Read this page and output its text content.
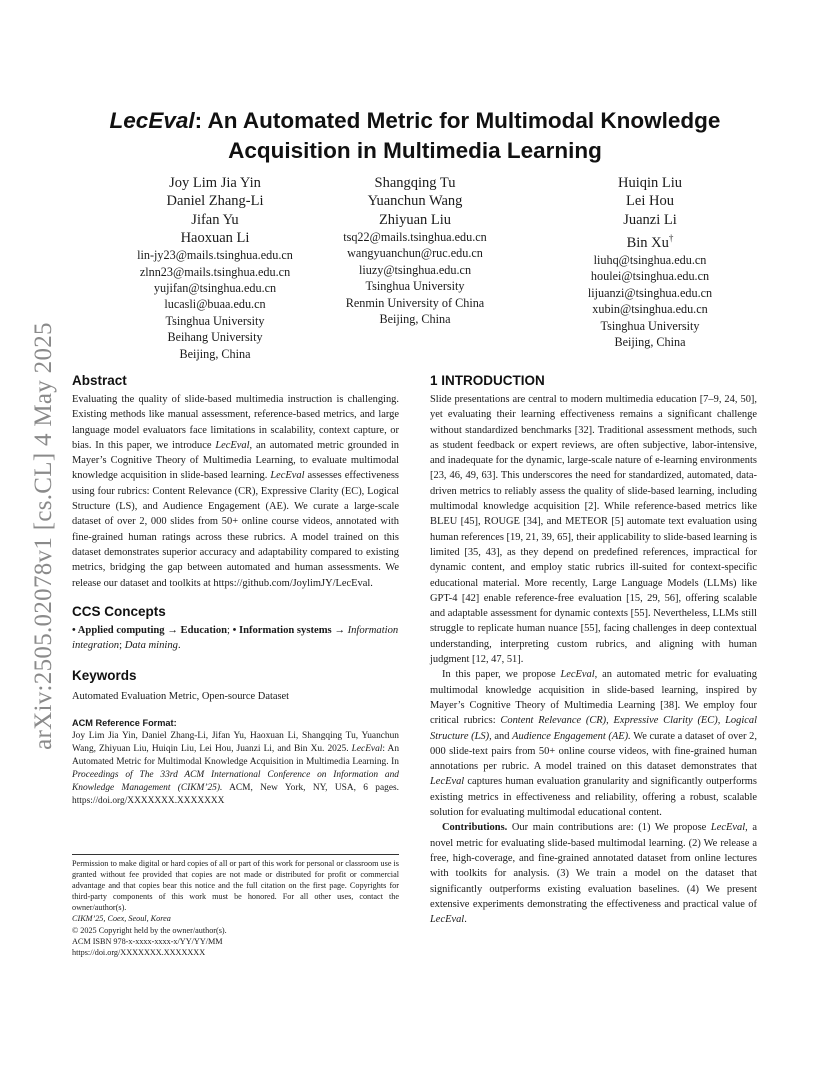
arXiv:2505.02078v1 [cs.CL] 4 May 2025
LecEval: An Automated Metric for Multimodal Knowledge Acquisition in Multimedia Learning
Joy Lim Jia Yin
Daniel Zhang-Li
Jifan Yu
Haoxuan Li
lin-jy23@mails.tsinghua.edu.cn
zlnn23@mails.tsinghua.edu.cn
yujifan@tsinghua.edu.cn
lucasli@buaa.edu.cn
Tsinghua University
Beihang University
Beijing, China
Shangqing Tu
Yuanchun Wang
Zhiyuan Liu
tsq22@mails.tsinghua.edu.cn
wangyuanchun@ruc.edu.cn
liuzy@tsinghua.edu.cn
Tsinghua University
Renmin University of China
Beijing, China
Huiqin Liu
Lei Hou
Juanzi Li
Bin Xu†
liuhq@tsinghua.edu.cn
houlei@tsinghua.edu.cn
lijuanzi@tsinghua.edu.cn
xubin@tsinghua.edu.cn
Tsinghua University
Beijing, China
Abstract

Evaluating the quality of slide-based multimedia instruction is challenging. Existing methods like manual assessment, reference-based metrics, and large language model evaluators face limitations in scalability, context capture, or bias. In this paper, we introduce LecEval, an automated metric grounded in Mayer’s Cognitive Theory of Multimedia Learning, to evaluate multimodal knowledge acquisition in slide-based learning. LecEval assesses effectiveness using four rubrics: Content Relevance (CR), Expressive Clarity (EC), Logical Structure (LS), and Audience Engagement (AE). We curate a large-scale dataset of over 2, 000 slides from 50+ online course videos, annotated with fine-grained human ratings across these rubrics. A model trained on this dataset demonstrates superior accuracy and adaptability compared to existing metrics, bridging the gap between automated and human assessments. We release our dataset and toolkits at https://github.com/JoylimJY/LecEval.

CCS Concepts

• Applied computing → Education; • Information systems → Information integration; Data mining.

Keywords

Automated Evaluation Metric, Open-source Dataset

ACM Reference Format:

Joy Lim Jia Yin, Daniel Zhang-Li, Jifan Yu, Haoxuan Li, Shangqing Tu, Yuanchun Wang, Zhiyuan Liu, Huiqin Liu, Lei Hou, Juanzi Li, and Bin Xu. 2025. LecEval: An Automated Metric for Multimodal Knowledge Acquisition in Multimedia Learning. In Proceedings of The 33rd ACM International Conference on Information and Knowledge Management (CIKM’25). ACM, New York, NY, USA, 6 pages. https://doi.org/XXXXXXX.XXXXXXX

Permission to make digital or hard copies of all or part of this work for personal or classroom use is granted without fee provided that copies are not made or distributed for profit or commercial advantage and that copies bear this notice and the full citation on the first page. Copyrights for third-party components of this work must be honored. For all other uses, contact the owner/author(s).

CIKM’25, Coex, Seoul, Korea

© 2025 Copyright held by the owner/author(s).

ACM ISBN 978-x-xxxx-xxxx-x/YY/YY/MM

https://doi.org/XXXXXXX.XXXXXXX

1 INTRODUCTION

Slide presentations are central to modern multimedia education [7–9, 24, 50], yet evaluating their learning effectiveness remains a significant challenge without standardized benchmarks [32]. Traditional assessment methods, such as student feedback or expert reviews, are often subjective, labor-intensive, and inadequate for the dynamic, large-scale nature of e-learning environments [23, 46, 49, 63]. This underscores the need for standardized, automated, data-driven metrics to reliably assess the quality of slide-based learning, including multimodal knowledge acquisition [2]. While reference-based metrics like BLEU [45], ROUGE [34], and METEOR [5] automate text evaluation using human references [19, 21, 39, 65], their applicability to slide-based learning is limited [35, 43], as they depend on predefined references, impractical for dynamic content, and employ static rubrics ill-suited for context-specific educational material. More recently, Large Language Models (LLMs) like GPT-4 [42] enable reference-free evaluation [15, 29, 56], offering scalable and adaptable assessment for dynamic contexts [55]. Nevertheless, LLMs still struggle to replicate human nuance [55], facing challenges in deep contextual understanding, interpreting custom rubrics, and aligning with human judgment [12, 47, 51].

In this paper, we propose LecEval, an automated metric for evaluating multimodal knowledge acquisition in slide-based learning, inspired by Mayer’s Cognitive Theory of Multimedia Learning [38]. We employ four critical rubrics: Content Relevance (CR), Expressive Clarity (EC), Logical Structure (LS), and Audience Engagement (AE). We curate a dataset of over 2, 000 slide-text pairs from 50+ online course videos, with fine-grained human annotations per rubric. A model trained on this dataset demonstrates that LecEval captures human evaluation granularity and significantly outperforms existing metrics in effectiveness and reliability, offering a robust, scalable solution for evaluating multimodal educational content.

Contributions. Our main contributions are: (1) We propose LecEval, a novel metric for evaluating slide-based multimodal learning. (2) We release a free, high-coverage, and fine-grained annotated dataset from online lectures with toolkits for analysis. (3) We train a model on the dataset that significantly outperforms existing evaluation baselines. (4) We present extensive experiments demonstrating the effectiveness and practical value of LecEval.
